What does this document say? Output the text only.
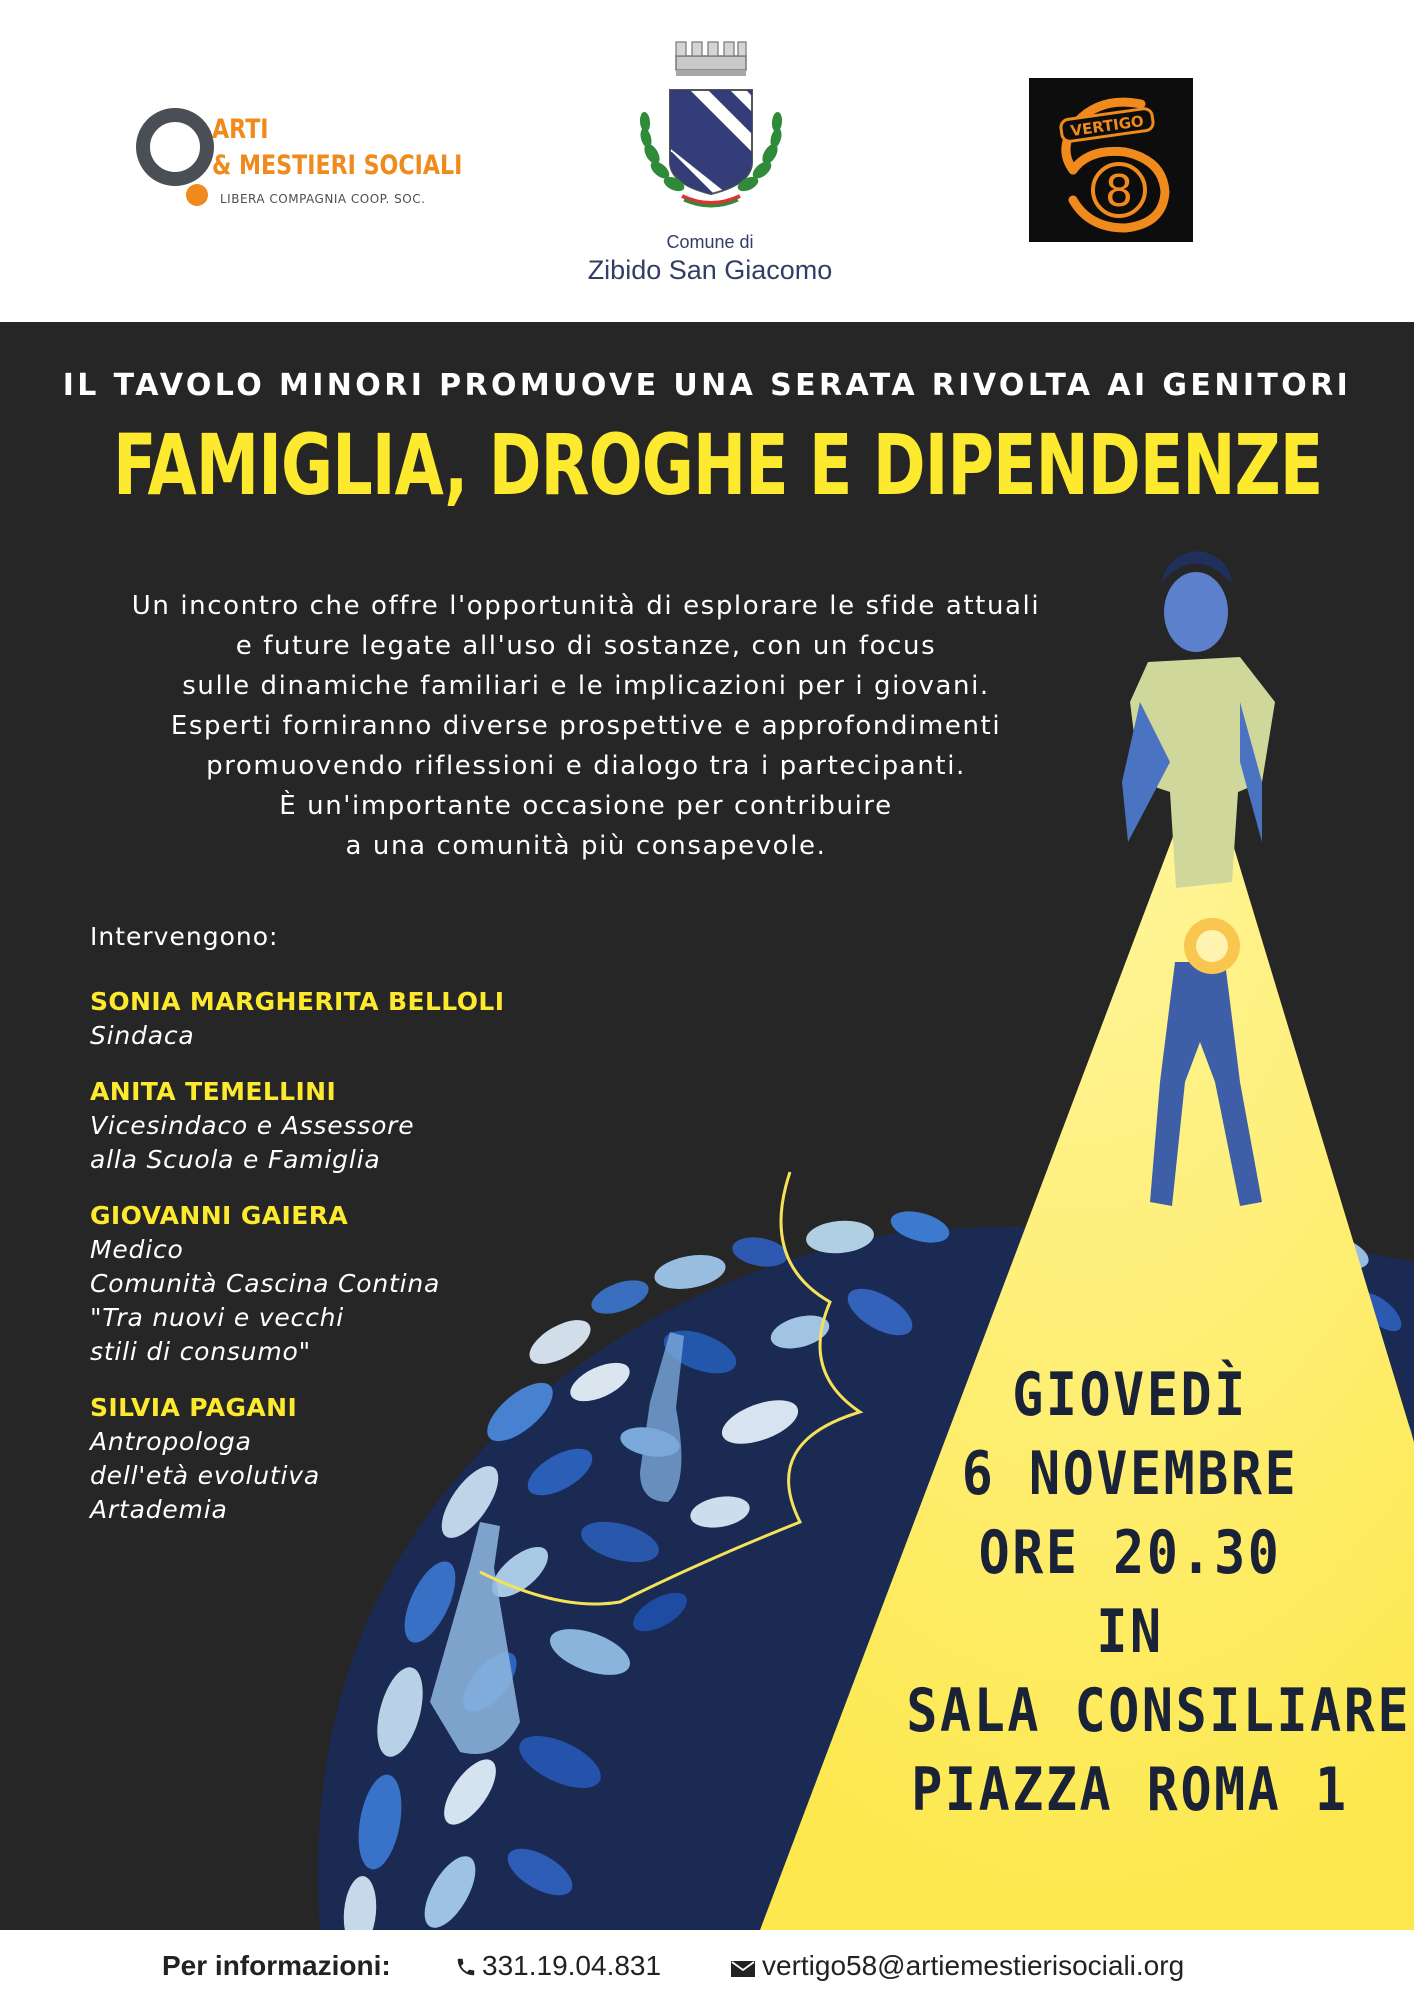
ARTI
& MESTIERI SOCIALI
LIBERA COMPAGNIA COOP. SOC.
Comune di
Zibido San Giacomo
VERTIGO
8
IL TAVOLO MINORI PROMUOVE UNA SERATA RIVOLTA AI GENITORI
FAMIGLIA, DROGHE E DIPENDENZE
Un incontro che offre l'opportunità di esplorare le sfide attuali
e future legate all'uso di sostanze, con un focus
sulle dinamiche familiari e le implicazioni per i giovani.
Esperti forniranno diverse prospettive e approfondimenti
promuovendo riflessioni e dialogo tra i partecipanti.
È un'importante occasione per contribuire
a una comunità più consapevole.
Intervengono:
SONIA MARGHERITA BELLOLI
Sindaca
ANITA TEMELLINI
Vicesindaco e Assessore
alla Scuola e Famiglia
GIOVANNI GAIERA
Medico
Comunità Cascina Contina
"Tra nuovi e vecchi
stili di consumo"
SILVIA PAGANI
Antropologa
dell'età evolutiva
Artademia
GIOVEDÌ
6 NOVEMBRE
ORE 20.30
IN
SALA CONSILIARE
PIAZZA ROMA 1
Per informazioni:	331.19.04.831	vertigo58@artiemestierisociali.org
